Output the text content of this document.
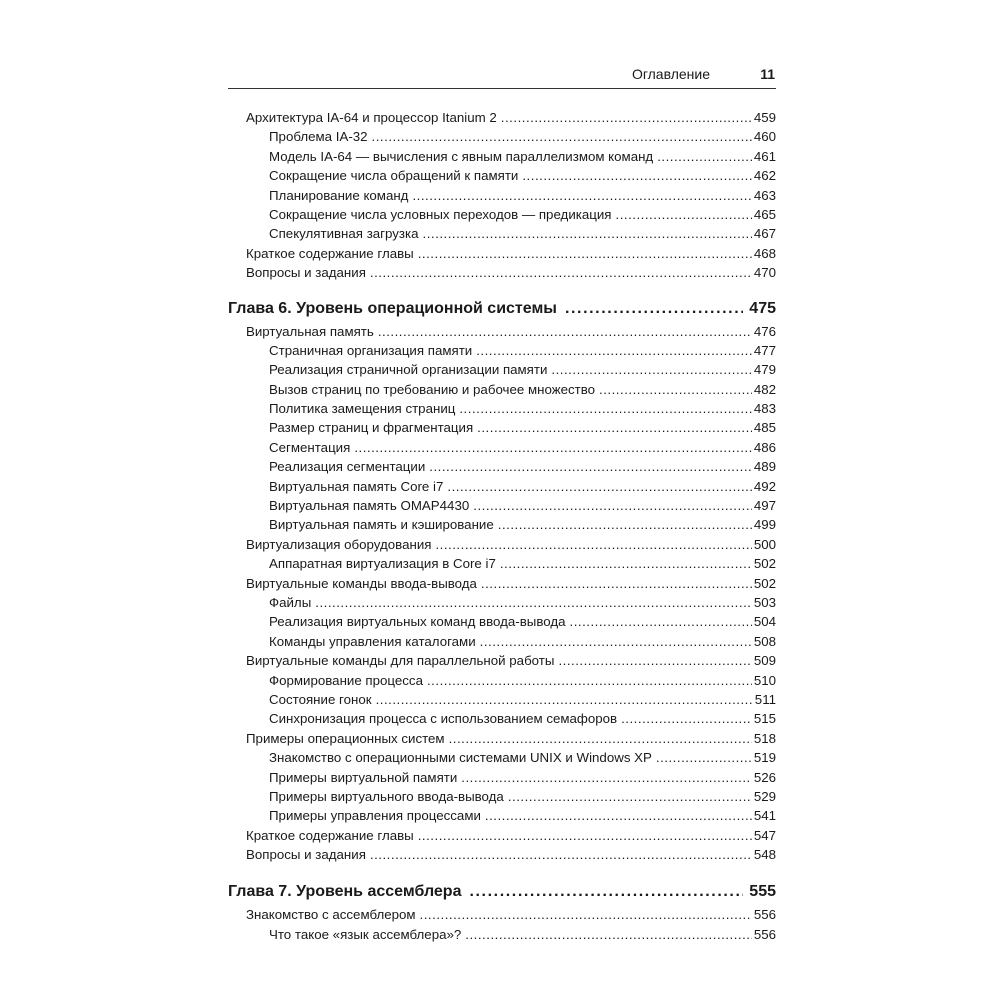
Оглавление	11
Архитектура IA-64 и процессор Itanium 2 .....	459
Проблема IA-32 .....	460
Модель IA-64 — вычисления с явным параллелизмом команд .....	461
Сокращение числа обращений к памяти .....	462
Планирование команд .....	463
Сокращение числа условных переходов — предикация .....	465
Спекулятивная загрузка .....	467
Краткое содержание главы .....	468
Вопросы и задания .....	470
Глава 6. Уровень операционной системы .....	475
Виртуальная память .....	476
Страничная организация памяти .....	477
Реализация страничной организации памяти .....	479
Вызов страниц по требованию и рабочее множество .....	482
Политика замещения страниц .....	483
Размер страниц и фрагментация .....	485
Сегментация .....	486
Реализация сегментации .....	489
Виртуальная память Core i7 .....	492
Виртуальная память OMAP4430 .....	497
Виртуальная память и кэширование .....	499
Виртуализация оборудования .....	500
Аппаратная виртуализация в Core i7 .....	502
Виртуальные команды ввода-вывода .....	502
Файлы .....	503
Реализация виртуальных команд ввода-вывода .....	504
Команды управления каталогами .....	508
Виртуальные команды для параллельной работы .....	509
Формирование процесса .....	510
Состояние гонок .....	511
Синхронизация процесса с использованием семафоров .....	515
Примеры операционных систем .....	518
Знакомство с операционными системами UNIX и Windows XP .....	519
Примеры виртуальной памяти .....	526
Примеры виртуального ввода-вывода .....	529
Примеры управления процессами .....	541
Краткое содержание главы .....	547
Вопросы и задания .....	548
Глава 7. Уровень ассемблера .....	555
Знакомство с ассемблером .....	556
Что такое «язык ассемблера»? .....	556
